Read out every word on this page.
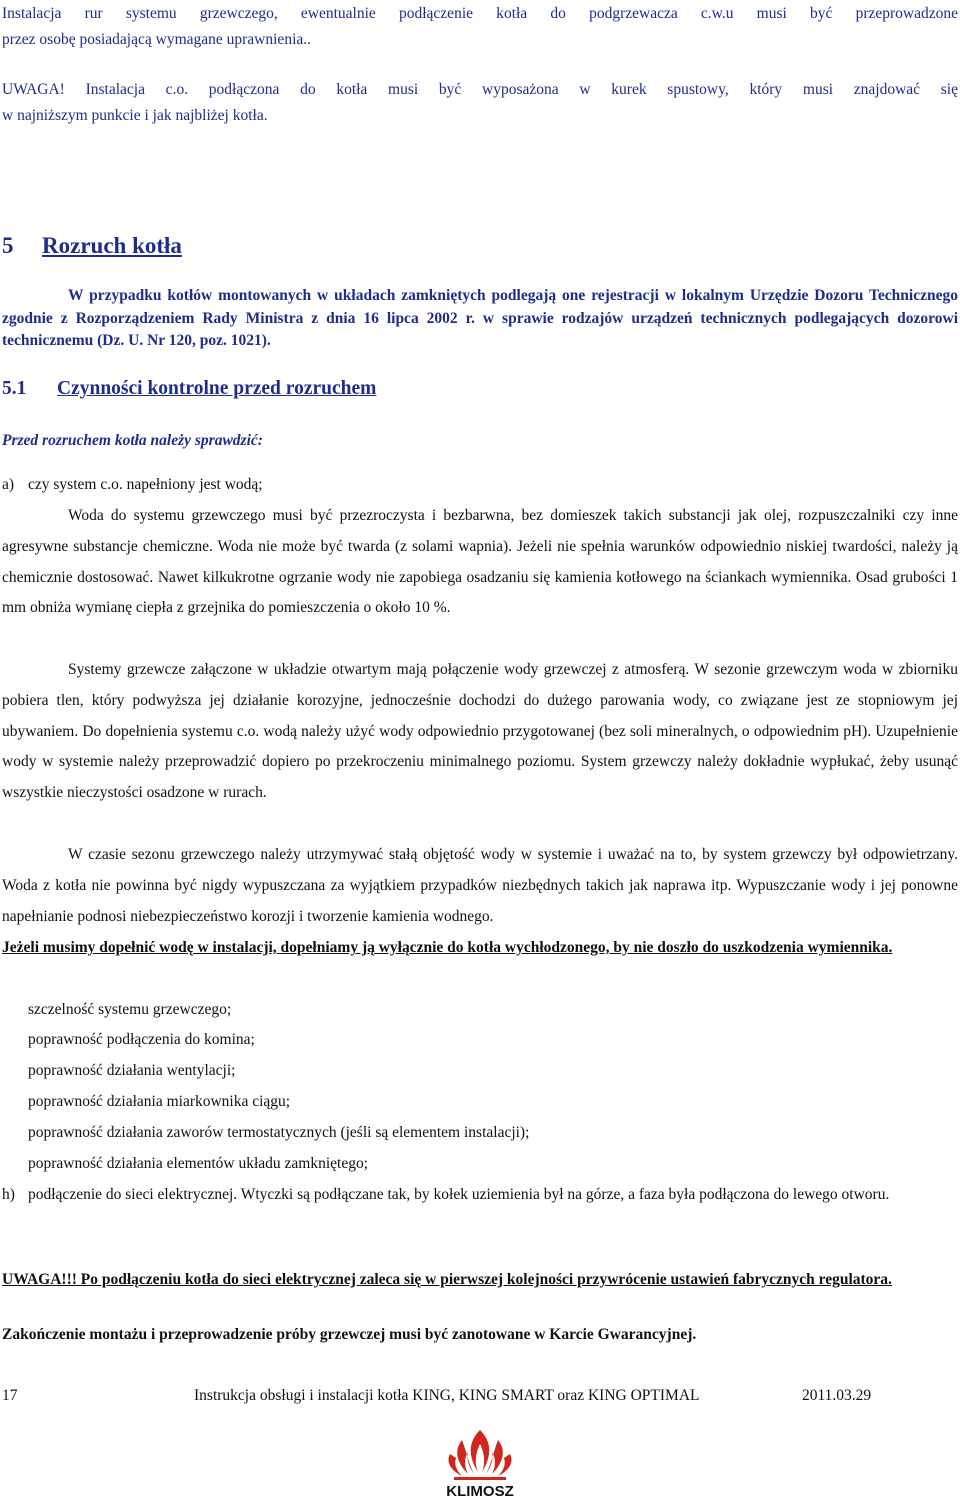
Instalacja rur systemu grzewczego, ewentualnie podłączenie kotła do podgrzewacza c.w.u musi być przeprowadzone
przez osobę posiadającą wymagane uprawnienia..
UWAGA! Instalacja c.o. podłączona do kotła musi być wyposażona w kurek spustowy, który musi znajdować się
w najniższym punkcie i jak najbliżej kotła.
5 Rozruch kotła
W przypadku kotłów montowanych w układach zamkniętych podlegają one rejestracji w lokalnym Urzędzie Dozoru Technicznego zgodnie z Rozporządzeniem Rady Ministra z dnia 16 lipca 2002 r. w sprawie rodzajów urządzeń technicznych podlegających dozorowi technicznemu (Dz. U. Nr 120, poz. 1021).
5.1 Czynności kontrolne przed rozruchem
Przed rozruchem kotła należy sprawdzić:
a) czy system c.o. napełniony jest wodą;
Woda do systemu grzewczego musi być przezroczysta i bezbarwna, bez domieszek takich substancji jak olej, rozpuszczalniki czy inne agresywne substancje chemiczne. Woda nie może być twarda (z solami wapnia). Jeżeli nie spełnia warunków odpowiednio niskiej twardości, należy ją chemicznie dostosować. Nawet kilkukrotne ogrzanie wody nie zapobiega osadzaniu się kamienia kotłowego na ściankach wymiennika. Osad grubości 1 mm obniża wymianę ciepła z grzejnika do pomieszczenia o około 10 %.
Systemy grzewcze załączone w układzie otwartym mają połączenie wody grzewczej z atmosferą. W sezonie grzewczym woda w zbiorniku pobiera tlen, który podwyższa jej działanie korozyjne, jednocześnie dochodzi do dużego parowania wody, co związane jest ze stopniowym jej ubywaniem. Do dopełnienia systemu c.o. wodą należy użyć wody odpowiednio przygotowanej (bez soli mineralnych, o odpowiednim pH). Uzupełnienie wody w systemie należy przeprowadzić dopiero po przekroczeniu minimalnego poziomu. System grzewczy należy dokładnie wypłukać, żeby usunąć wszystkie nieczystości osadzone w rurach.
W czasie sezonu grzewczego należy utrzymywać stałą objętość wody w systemie i uważać na to, by system grzewczy był odpowietrzany. Woda z kotła nie powinna być nigdy wypuszczana za wyjątkiem przypadków niezbędnych takich jak naprawa itp. Wypuszczanie wody i jej ponowne napełnianie podnosi niebezpieczeństwo korozji i tworzenie kamienia wodnego.
Jeżeli musimy dopełnić wodę w instalacji, dopełniamy ją wyłącznie do kotła wychłodzonego, by nie doszło do uszkodzenia wymiennika.
szczelność systemu grzewczego;
poprawność podłączenia do komina;
poprawność działania wentylacji;
poprawność działania miarkownika ciągu;
poprawność działania zaworów termostatycznych (jeśli są elementem instalacji);
poprawność działania elementów układu zamkniętego;
h) podłączenie do sieci elektrycznej. Wtyczki są podłączane tak, by kołek uziemienia był na górze, a faza była podłączona do lewego otworu.
UWAGA!!! Po podłączeniu kotła do sieci elektrycznej zaleca się w pierwszej kolejności przywrócenie ustawień fabrycznych regulatora.
Zakończenie montażu i przeprowadzenie próby grzewczej musi być zanotowane w Karcie Gwarancyjnej.
17	Instrukcja obsługi i instalacji kotła KING, KING SMART oraz KING OPTIMAL	2011.03.29
KLIMOSZ
